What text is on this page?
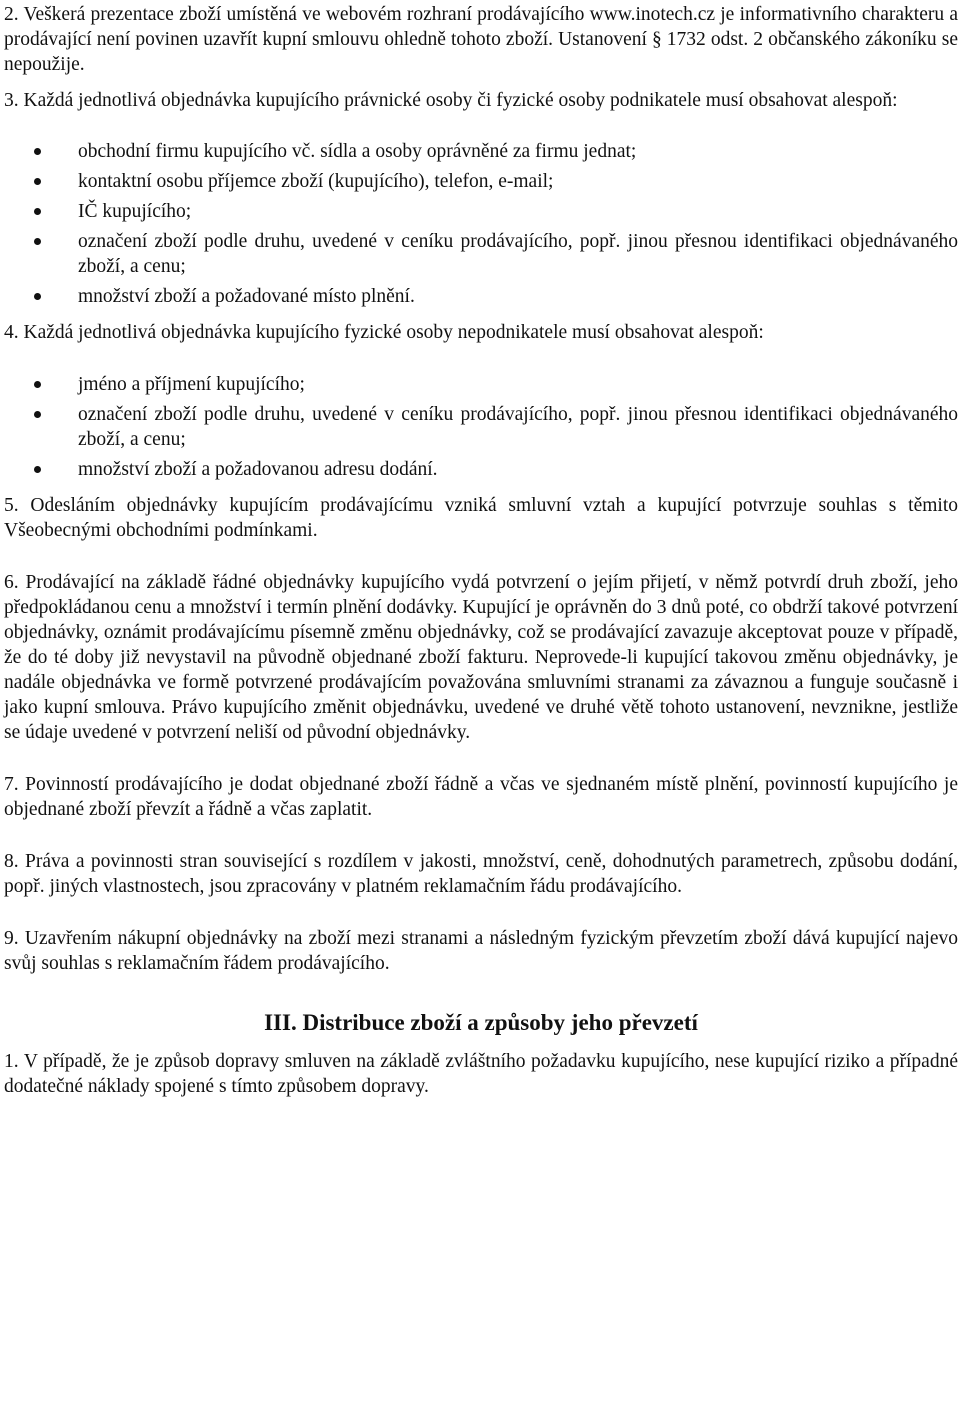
2. Veškerá prezentace zboží umístěná ve webovém rozhraní prodávajícího www.inotech.cz je informativního charakteru a prodávající není povinen uzavřít kupní smlouvu ohledně tohoto zboží. Ustanovení § 1732 odst. 2 občanského zákoníku se nepoužije.

3. Každá jednotlivá objednávka kupujícího právnické osoby či fyzické osoby podnikatele musí obsahovat alespoň:

obchodní firmu kupujícího vč. sídla a osoby oprávněné za firmu jednat;
kontaktní osobu příjemce zboží (kupujícího), telefon, e-mail;
IČ kupujícího;
označení zboží podle druhu, uvedené v ceníku prodávajícího, popř. jinou přesnou identifikaci objednávaného zboží, a cenu;
množství zboží a požadované místo plnění.

4. Každá jednotlivá objednávka kupujícího fyzické osoby nepodnikatele musí obsahovat alespoň:

jméno a příjmení kupujícího;
označení zboží podle druhu, uvedené v ceníku prodávajícího, popř. jinou přesnou identifikaci objednávaného zboží, a cenu;
množství zboží a požadovanou adresu dodání.

5. Odesláním objednávky kupujícím prodávajícímu vzniká smluvní vztah a kupující potvrzuje souhlas s těmito Všeobecnými obchodními podmínkami.

6. Prodávající na základě řádné objednávky kupujícího vydá potvrzení o jejím přijetí, v němž potvrdí druh zboží, jeho předpokládanou cenu a množství i termín plnění dodávky. Kupující je oprávněn do 3 dnů poté, co obdrží takové potvrzení objednávky, oznámit prodávajícímu písemně změnu objednávky, což se prodávající zavazuje akceptovat pouze v případě, že do té doby již nevystavil na původně objednané zboží fakturu. Neprovede-li kupující takovou změnu objednávky, je nadále objednávka ve formě potvrzené prodávajícím považována smluvními stranami za závaznou a funguje současně i jako kupní smlouva. Právo kupujícího změnit objednávku, uvedené ve druhé větě tohoto ustanovení, nevznikne, jestliže se údaje uvedené v potvrzení neliší od původní objednávky.

7. Povinností prodávajícího je dodat objednané zboží řádně a včas ve sjednaném místě plnění, povinností kupujícího je objednané zboží převzít a řádně a včas zaplatit.

8. Práva a povinnosti stran související s rozdílem v jakosti, množství, ceně, dohodnutých parametrech, způsobu dodání, popř. jiných vlastnostech, jsou zpracovány v platném reklamačním řádu prodávajícího.

9. Uzavřením nákupní objednávky na zboží mezi stranami a následným fyzickým převzetím zboží dává kupující najevo svůj souhlas s reklamačním řádem prodávajícího.

III. Distribuce zboží a způsoby jeho převzetí

1. V případě, že je způsob dopravy smluven na základě zvláštního požadavku kupujícího, nese kupující riziko a případné dodatečné náklady spojené s tímto způsobem dopravy.
